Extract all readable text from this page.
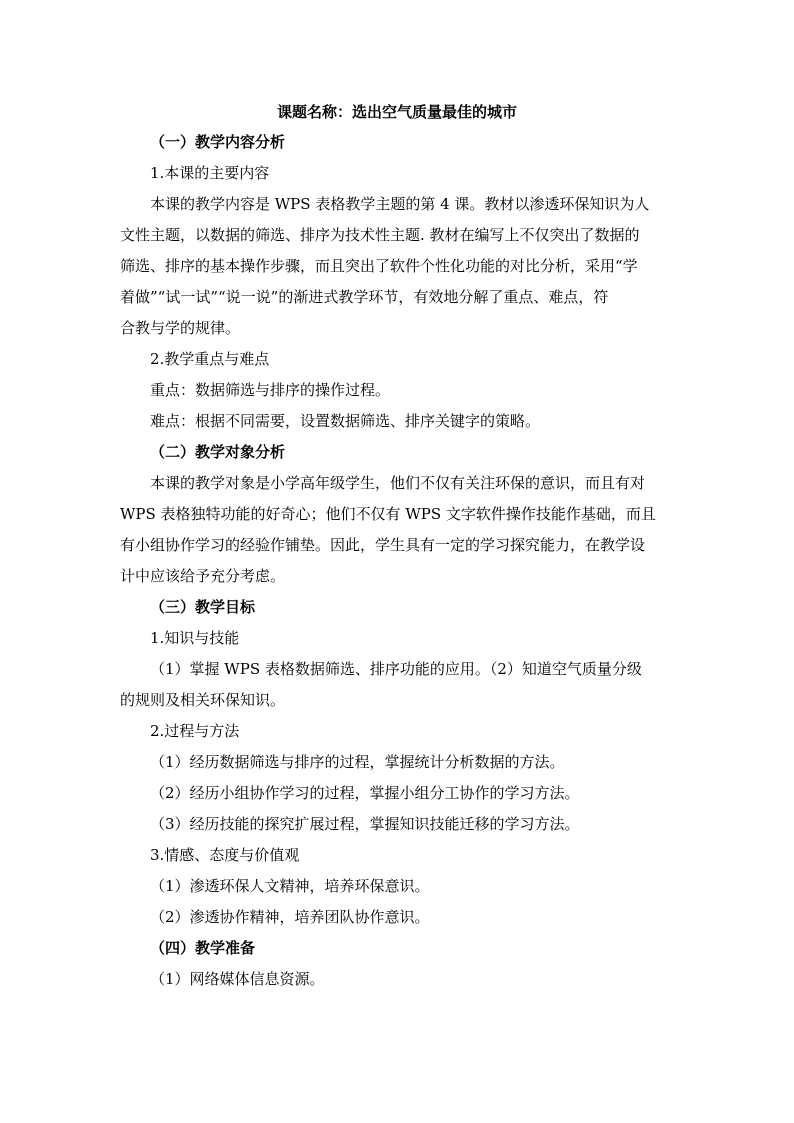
课题名称：选出空气质量最佳的城市
（一）教学内容分析
1.本课的主要内容
本课的教学内容是 WPS 表格教学主题的第 4 课。教材以渗透环保知识为人
文性主题，以数据的筛选、排序为技术性主题. 教材在编写上不仅突出了数据的
筛选、排序的基本操作步骤，而且突出了软件个性化功能的对比分析，采用“学
着做”“试一试”“说一说”的渐进式教学环节，有效地分解了重点、难点，符
合教与学的规律。
2.教学重点与难点
重点：数据筛选与排序的操作过程。
难点：根据不同需要，设置数据筛选、排序关键字的策略。
（二）教学对象分析
本课的教学对象是小学高年级学生，他们不仅有关注环保的意识，而且有对
WPS 表格独特功能的好奇心；他们不仅有 WPS 文字软件操作技能作基础，而且
有小组协作学习的经验作铺垫。因此，学生具有一定的学习探究能力，在教学设
计中应该给予充分考虑。
（三）教学目标
1.知识与技能
（1）掌握 WPS 表格数据筛选、排序功能的应用。（2）知道空气质量分级
的规则及相关环保知识。
2.过程与方法
（1）经历数据筛选与排序的过程，掌握统计分析数据的方法。
（2）经历小组协作学习的过程，掌握小组分工协作的学习方法。
（3）经历技能的探究扩展过程，掌握知识技能迁移的学习方法。
3.情感、态度与价值观
（1）渗透环保人文精神，培养环保意识。
（2）渗透协作精神，培养团队协作意识。
（四）教学准备
（1）网络媒体信息资源。
